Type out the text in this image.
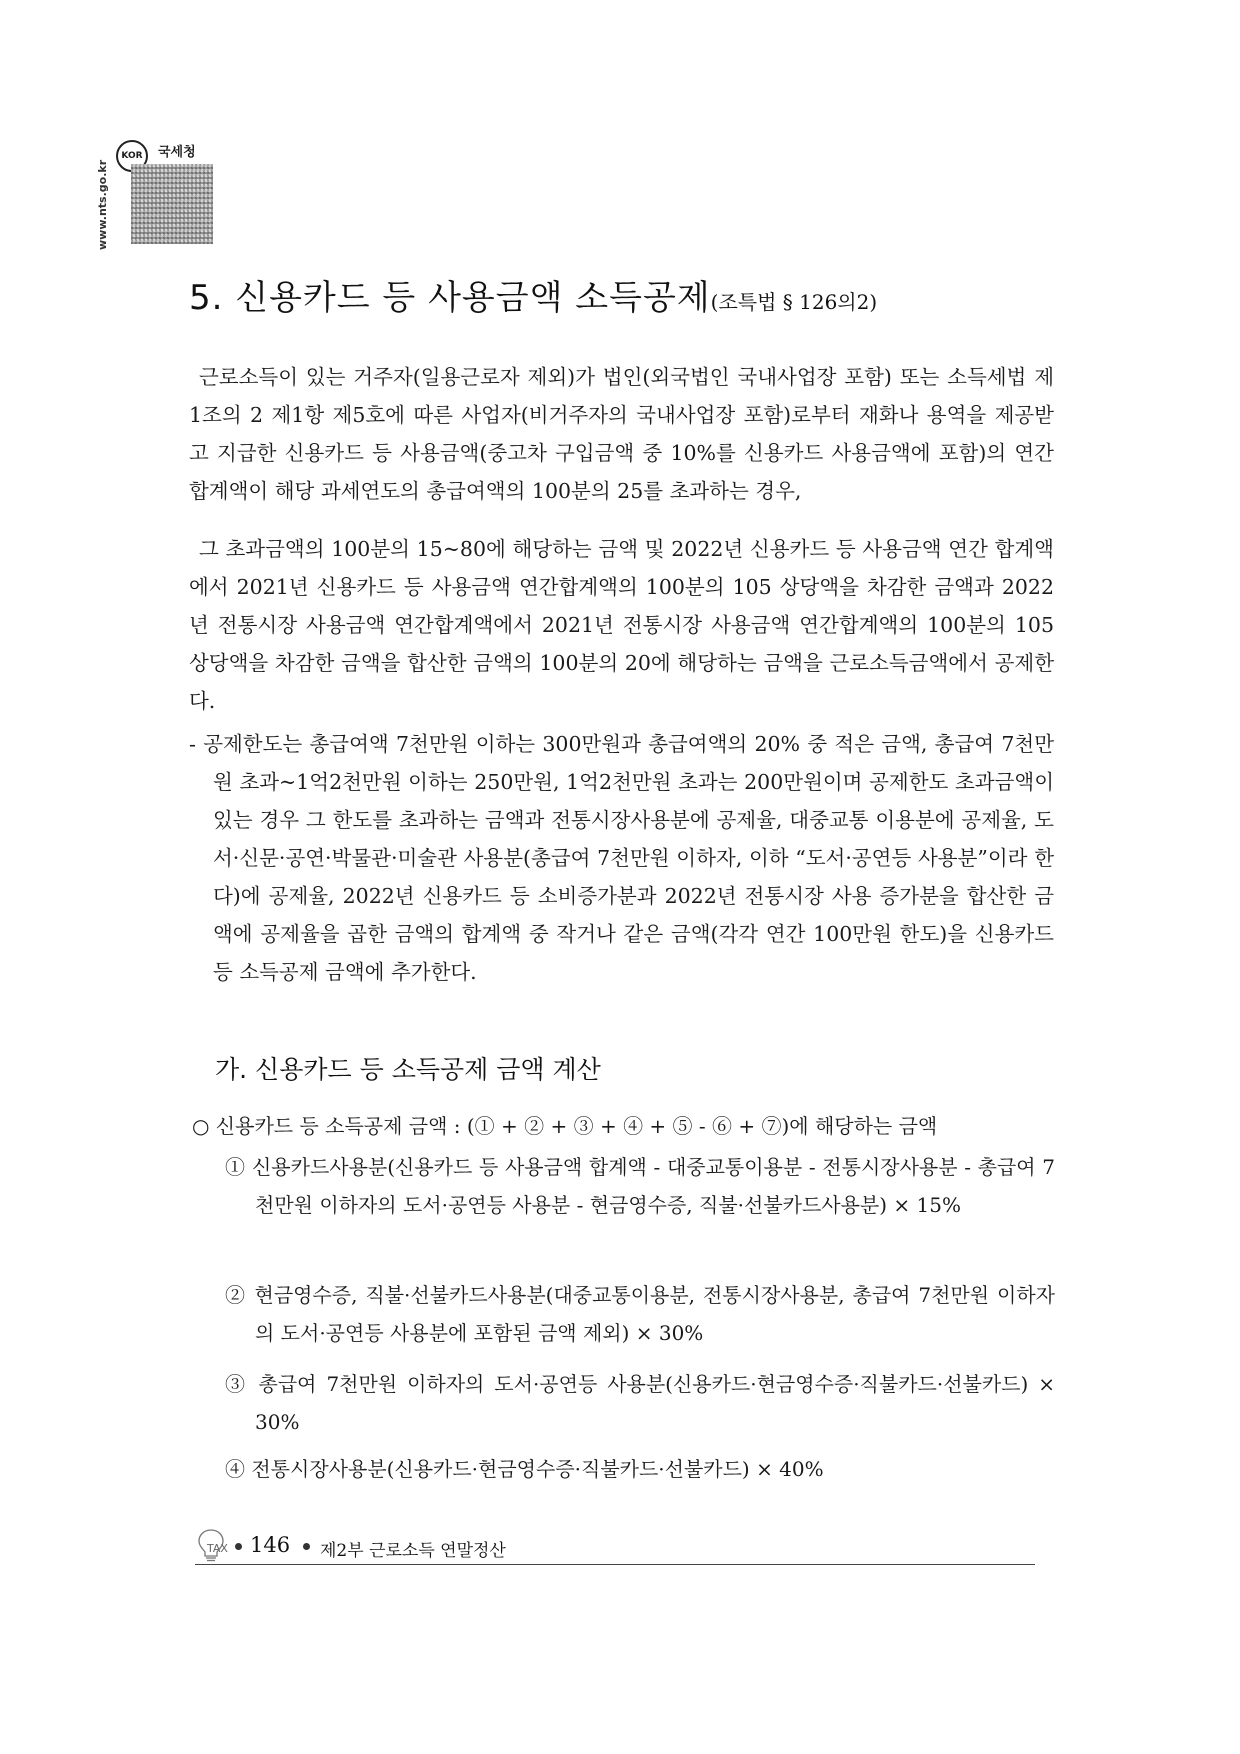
KOR	국세청
www.nts.go.kr
5. 신용카드 등 사용금액 소득공제(조특법 § 126의2)

근로소득이 있는 거주자(일용근로자 제외)가 법인(외국법인 국내사업장 포함) 또는 소득세법 제1조의 2 제1항 제5호에 따른 사업자(비거주자의 국내사업장 포함)로부터 재화나 용역을 제공받고 지급한 신용카드 등 사용금액(중고차 구입금액 중 10%를 신용카드 사용금액에 포함)의 연간 합계액이 해당 과세연도의 총급여액의 100분의 25를 초과하는 경우,

그 초과금액의 100분의 15~80에 해당하는 금액 및 2022년 신용카드 등 사용금액 연간 합계액에서 2021년 신용카드 등 사용금액 연간합계액의 100분의 105 상당액을 차감한 금액과 2022년 전통시장 사용금액 연간합계액에서 2021년 전통시장 사용금액 연간합계액의 100분의 105 상당액을 차감한 금액을 합산한 금액의 100분의 20에 해당하는 금액을 근로소득금액에서 공제한다.

- 공제한도는 총급여액 7천만원 이하는 300만원과 총급여액의 20% 중 적은 금액, 총급여 7천만원 초과~1억2천만원 이하는 250만원, 1억2천만원 초과는 200만원이며 공제한도 초과금액이 있는 경우 그 한도를 초과하는 금액과 전통시장사용분에 공제율, 대중교통 이용분에 공제율, 도서·신문·공연·박물관·미술관 사용분(총급여 7천만원 이하자, 이하 “도서·공연등 사용분”이라 한다)에 공제율, 2022년 신용카드 등 소비증가분과 2022년 전통시장 사용 증가분을 합산한 금액에 공제율을 곱한 금액의 합계액 중 작거나 같은 금액(각각 연간 100만원 한도)을 신용카드 등 소득공제 금액에 추가한다.

가. 신용카드 등 소득공제 금액 계산
○ 신용카드 등 소득공제 금액 : (① + ② + ③ + ④ + ⑤ - ⑥ + ⑦)에 해당하는 금액

① 신용카드사용분(신용카드 등 사용금액 합계액 - 대중교통이용분 - 전통시장사용분 - 총급여 7천만원 이하자의 도서·공연등 사용분 - 현금영수증, 직불·선불카드사용분) × 15%

② 현금영수증, 직불·선불카드사용분(대중교통이용분, 전통시장사용분, 총급여 7천만원 이하자의 도서·공연등 사용분에 포함된 금액 제외) × 30%

③ 총급여 7천만원 이하자의 도서·공연등 사용분(신용카드·현금영수증·직불카드·선불카드) × 30%

④ 전통시장사용분(신용카드·현금영수증·직불카드·선불카드) × 40%

TAX 146 제2부 근로소득 연말정산
